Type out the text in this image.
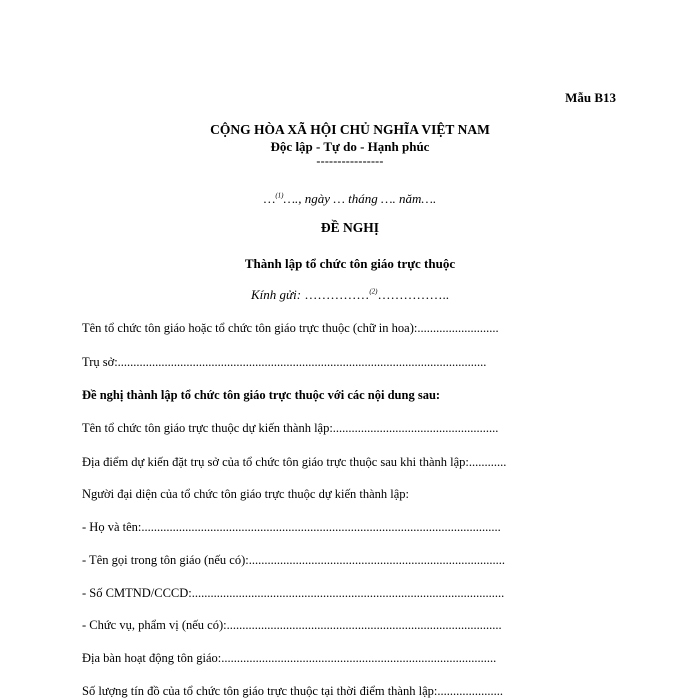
Mẫu B13
CỘNG HÒA XÃ HỘI CHỦ NGHĨA VIỆT NAM
Độc lập - Tự do - Hạnh phúc
----------------
…$^{(1)}$…., ngày … tháng …. năm….
ĐỀ NGHỊ
Thành lập tổ chức tôn giáo trực thuộc
Kính gửi: ……………$^{(2)}$……………..
Tên tổ chức tôn giáo hoặc tổ chức tôn giáo trực thuộc (chữ in hoa):..........................
Trụ sở:......................................................................................................................
Đề nghị thành lập tổ chức tôn giáo trực thuộc với các nội dung sau:
Tên tổ chức tôn giáo trực thuộc dự kiến thành lập:.....................................................
Địa điểm dự kiến đặt trụ sở của tổ chức tôn giáo trực thuộc sau khi thành lập:............
Người đại diện của tổ chức tôn giáo trực thuộc dự kiến thành lập:
- Họ và tên:...................................................................................................................
- Tên gọi trong tôn giáo (nếu có):..................................................................................
- Số CMTND/CCCD:....................................................................................................
- Chức vụ, phẩm vị (nếu có):........................................................................................
Địa bàn hoạt động tôn giáo:........................................................................................
Số lượng tín đồ của tổ chức tôn giáo trực thuộc tại thời điểm thành lập:.....................
